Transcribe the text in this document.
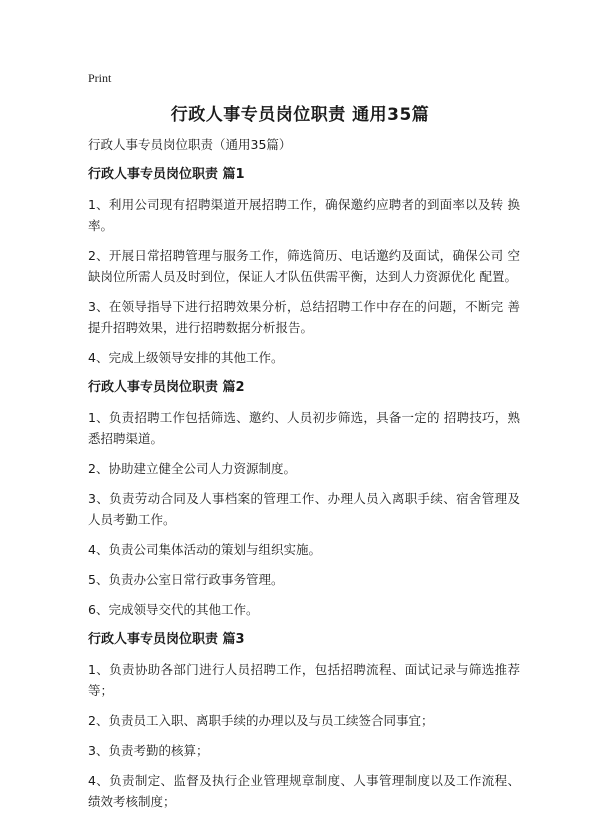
Print
行政人事专员岗位职责 通用35篇

行政人事专员岗位职责（通用35篇）

行政人事专员岗位职责 篇1

1、利用公司现有招聘渠道开展招聘工作，确保邀约应聘者的到面率以及转 换率。

2、开展日常招聘管理与服务工作，筛选简历、电话邀约及面试，确保公司 空缺岗位所需人员及时到位，保证人才队伍供需平衡，达到人力资源优化 配置。

3、在领导指导下进行招聘效果分析，总结招聘工作中存在的问题，不断完 善提升招聘效果，进行招聘数据分析报告。

4、完成上级领导安排的其他工作。

行政人事专员岗位职责 篇2

1、负责招聘工作包括筛选、邀约、人员初步筛选，具备一定的 招聘技巧，熟悉招聘渠道。

2、协助建立健全公司人力资源制度。

3、负责劳动合同及人事档案的管理工作、办理人员入离职手续、宿舍管理及人员考勤工作。

4、负责公司集体活动的策划与组织实施。

5、负责办公室日常行政事务管理。

6、完成领导交代的其他工作。

行政人事专员岗位职责 篇3

1、负责协助各部门进行人员招聘工作，包括招聘流程、面试记录与筛选推荐等；

2、负责员工入职、离职手续的办理以及与员工续签合同事宜；

3、负责考勤的核算；

4、负责制定、监督及执行企业管理规章制度、人事管理制度以及工作流程、绩效考核制度；
